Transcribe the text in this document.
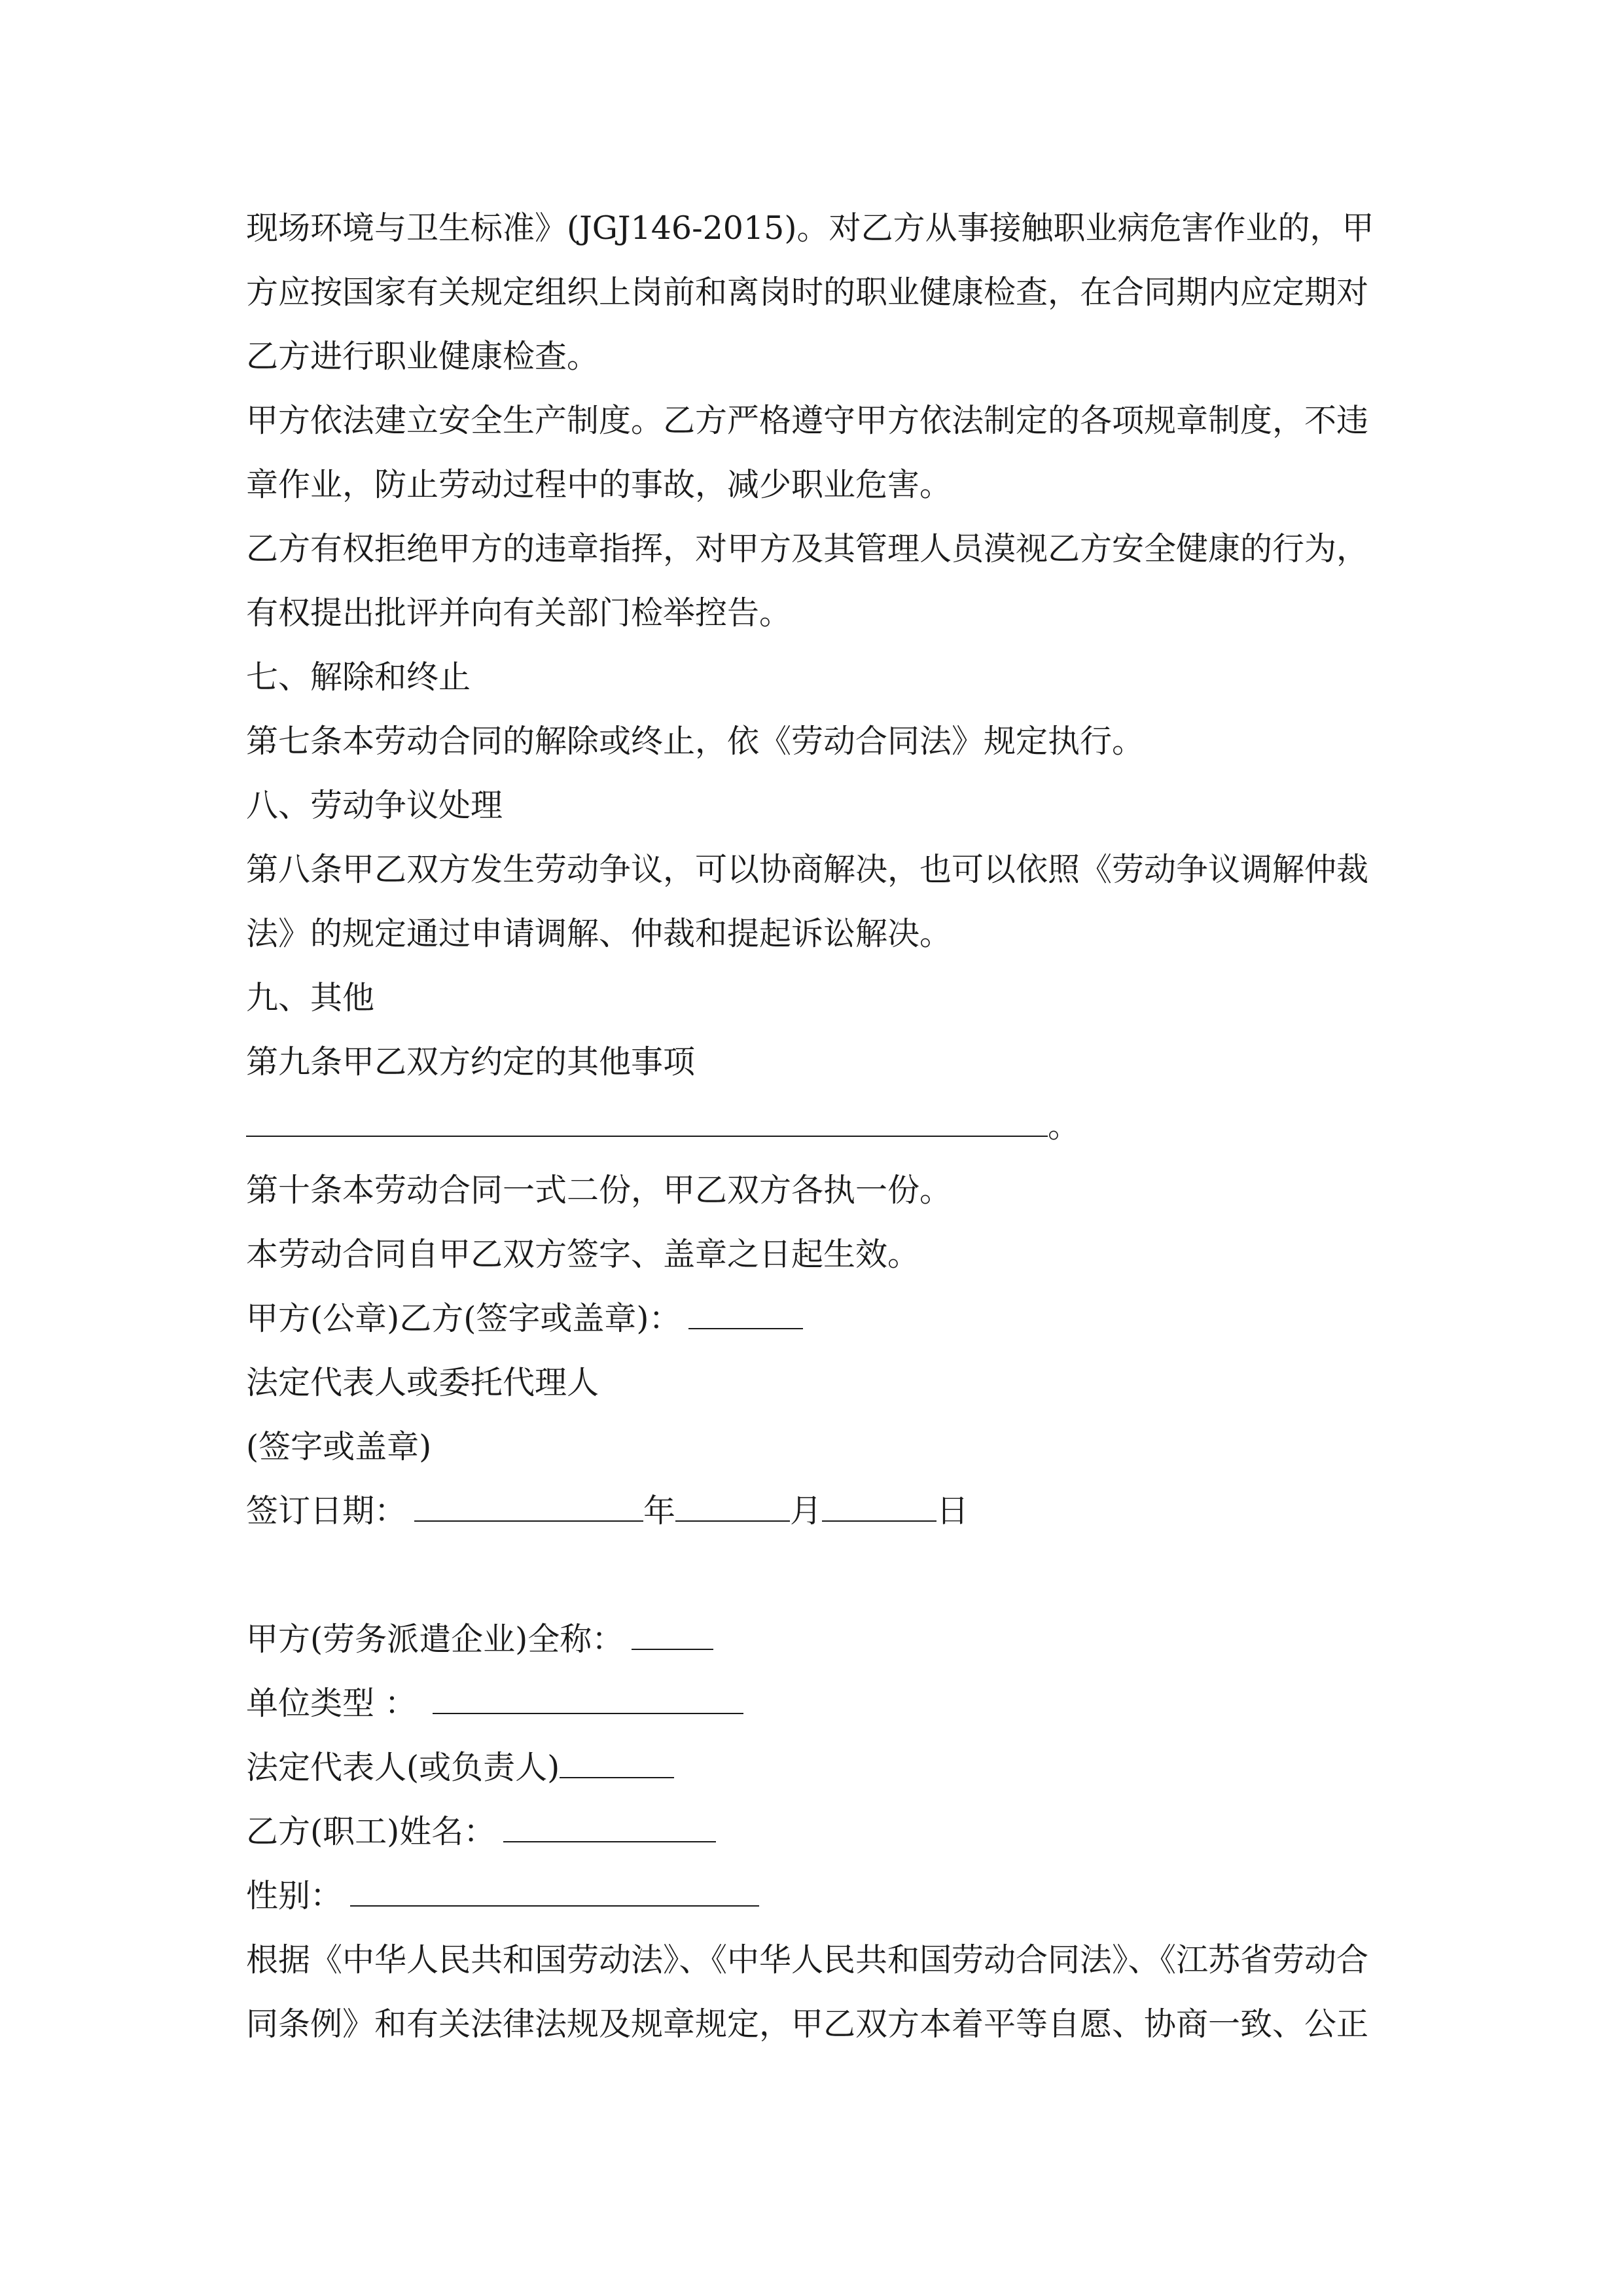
现场环境与卫生标准》(JGJ146-2015)。对乙方从事接触职业病危害作业的，甲
方应按国家有关规定组织上岗前和离岗时的职业健康检查，在合同期内应定期对
乙方进行职业健康检查。
甲方依法建立安全生产制度。乙方严格遵守甲方依法制定的各项规章制度，不违
章作业，防止劳动过程中的事故，减少职业危害。
乙方有权拒绝甲方的违章指挥，对甲方及其管理人员漠视乙方安全健康的行为，
有权提出批评并向有关部门检举控告。
七、解除和终止
第七条本劳动合同的解除或终止，依《劳动合同法》规定执行。
八、劳动争议处理
第八条甲乙双方发生劳动争议，可以协商解决，也可以依照《劳动争议调解仲裁
法》的规定通过申请调解、仲裁和提起诉讼解决。
九、其他
第九条甲乙双方约定的其他事项
。
第十条本劳动合同一式二份，甲乙双方各执一份。
本劳动合同自甲乙双方签字、盖章之日起生效。
甲方(公章)乙方(签字或盖章)：
法定代表人或委托代理人
(签字或盖章)
签订日期：	年	月	日
甲方(劳务派遣企业)全称：
单位类型 ：
法定代表人(或负责人)
乙方(职工)姓名：
性别：
根据《中华人民共和国劳动法》、《中华人民共和国劳动合同法》、《江苏省劳动合
同条例》和有关法律法规及规章规定，甲乙双方本着平等自愿、协商一致、公正
